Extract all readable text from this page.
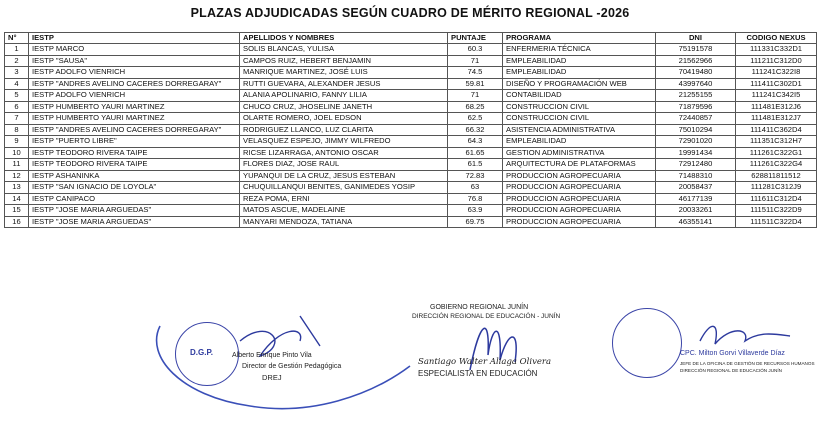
PLAZAS ADJUDICADAS SEGÚN CUADRO DE MÉRITO REGIONAL -2026
N°	IESTP	APELLIDOS Y NOMBRES	PUNTAJE	PROGRAMA	DNI	CODIGO NEXUS
1	IESTP MARCO	SOLIS BLANCAS, YULISA	60.3	ENFERMERIA TÉCNICA	75191578	111331C332D1
2	IESTP "SAUSA"	CAMPOS RUIZ, HEBERT BENJAMIN	71	EMPLEABILIDAD	21562966	111211C312D0
3	IESTP ADOLFO VIENRICH	MANRIQUE MARTINEZ, JOSÉ LUIS	74.5	EMPLEABILIDAD	70419480	111241C322I8
4	IESTP "ANDRES AVELINO CACERES DORREGARAY"	RUTTI GUEVARA, ALEXANDER JESUS	59.81	DISEÑO Y PROGRAMACIÓN WEB	43997640	111411C302D1
5	IESTP ADOLFO VIENRICH	ALANIA APOLINARIO, FANNY LILIA	71	CONTABILIDAD	21255155	111241C342I5
6	IESTP HUMBERTO YAURI MARTINEZ	CHUCO CRUZ, JHOSELINE JANETH	68.25	CONSTRUCCION CIVIL	71879596	111481E312J6
7	IESTP HUMBERTO YAURI MARTINEZ	OLARTE ROMERO, JOEL EDSON	62.5	CONSTRUCCION CIVIL	72440857	111481E312J7
8	IESTP "ANDRES AVELINO CACERES DORREGARAY"	RODRIGUEZ LLANCO, LUZ CLARITA	66.32	ASISTENCIA ADMINISTRATIVA	75010294	111411C362D4
9	IESTP "PUERTO LIBRE"	VELASQUEZ ESPEJO, JIMMY WILFREDO	64.3	EMPLEABILIDAD	72901020	111351C312H7
10	IESTP TEODORO RIVERA TAIPE	RICSE LIZARRAGA, ANTONIO OSCAR	61.65	GESTION ADMINISTRATIVA	19991434	111261C322G1
11	IESTP TEODORO RIVERA TAIPE	FLORES DIAZ, JOSE RAUL	61.5	ARQUITECTURA DE PLATAFORMAS	72912480	111261C322G4
12	IESTP ASHANINKA	YUPANQUI DE LA CRUZ, JESUS ESTEBAN	72.83	PRODUCCION AGROPECUARIA	71488310	628811811512
13	IESTP "SAN IGNACIO DE LOYOLA"	CHUQUILLANQUI BENITES, GANIMEDES YOSIP	63	PRODUCCION AGROPECUARIA	20058437	111281C312J9
14	IESTP CANIPACO	REZA POMA, ERNI	76.8	PRODUCCION AGROPECUARIA	46177139	111611C312D4
15	IESTP "JOSE MARIA ARGUEDAS"	MATOS ASCUE, MADELAINE	63.9	PRODUCCION AGROPECUARIA	20033261	111511C322D9
16	IESTP "JOSE MARIA ARGUEDAS"	MANYARI MENDOZA, TATIANA	69.75	PRODUCCION AGROPECUARIA	46355141	111511C322D4
D.G.P.	Alberto Enrique Pinto Vila
Director de Gestión Pedagógica
DREJ
GOBIERNO REGIONAL JUNÍN
DIRECCIÓN REGIONAL DE EDUCACIÓN - JUNÍN
Santiago Walter Aliaga Olivera
ESPECIALISTA EN EDUCACIÓN
CPC. Milton Gorvi Villaverde Díaz
JEFE DE LA OFICINA DE GESTIÓN DE RECURSOS HUMANOS
DIRECCIÓN REGIONAL DE EDUCACIÓN JUNÍN
